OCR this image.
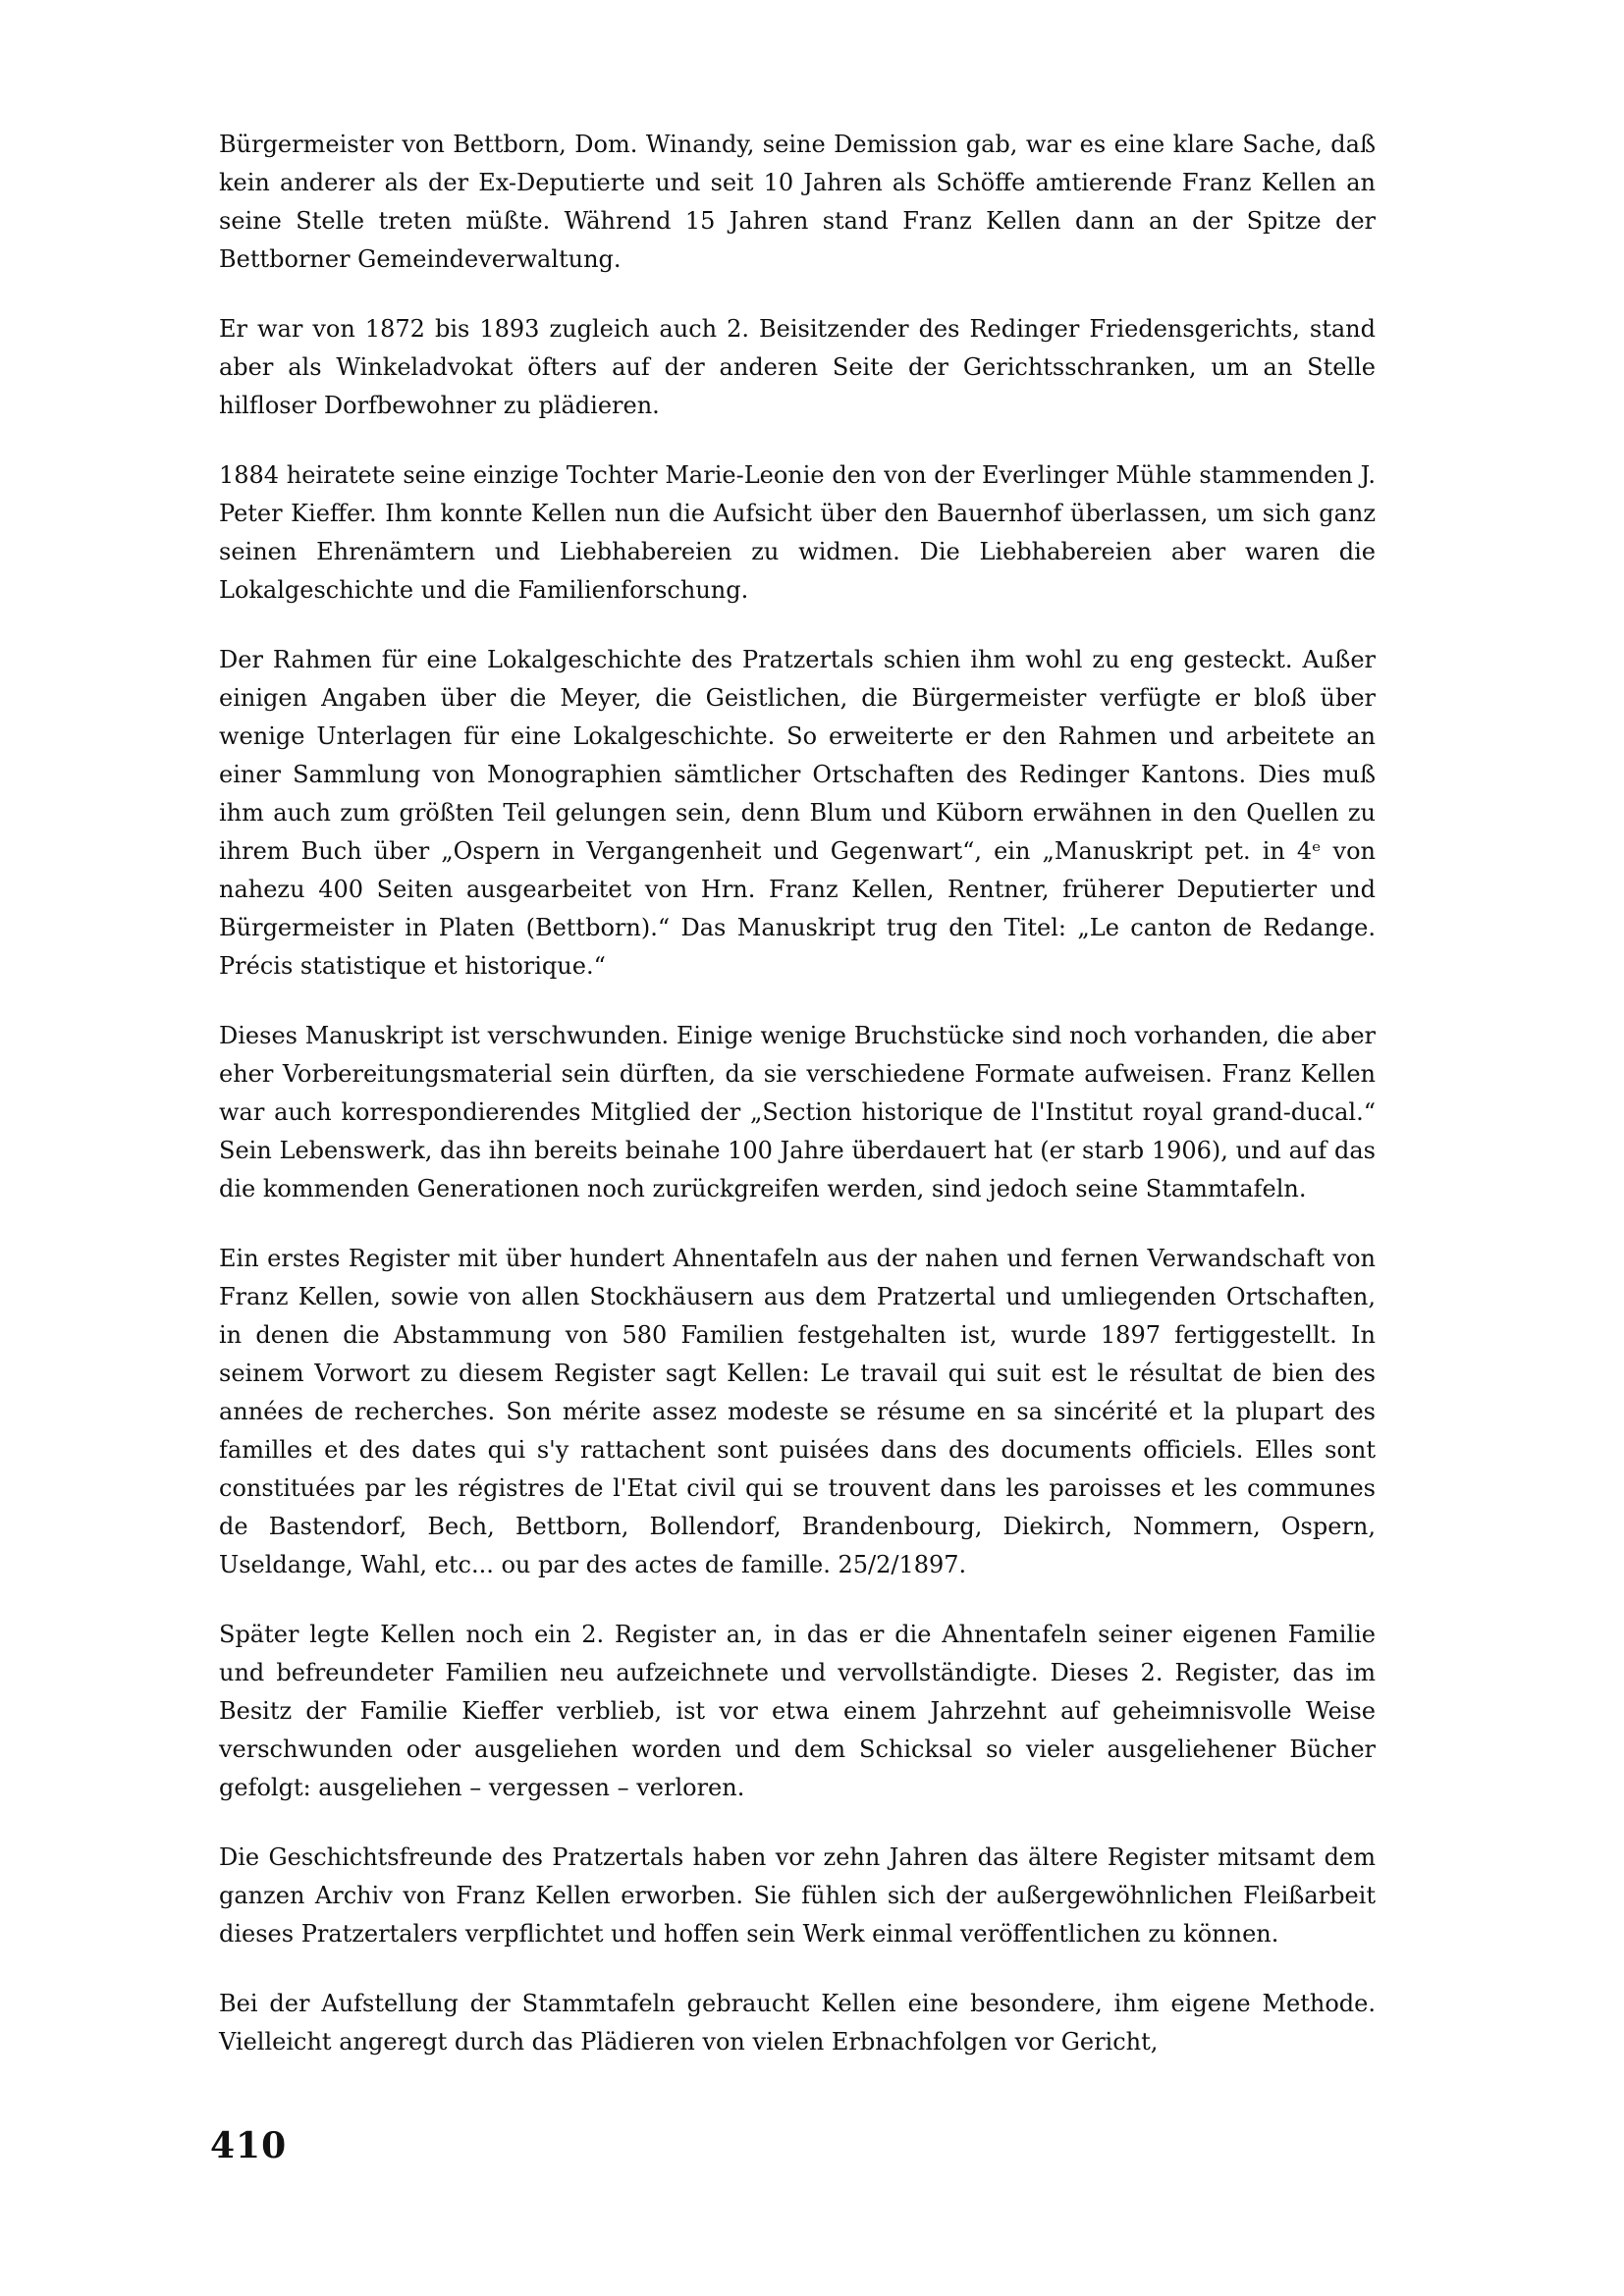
Bürgermeister von Bettborn, Dom. Winandy, seine Demission gab, war es eine klare Sache, daß kein anderer als der Ex-Deputierte und seit 10 Jahren als Schöffe amtierende Franz Kellen an seine Stelle treten müßte. Während 15 Jahren stand Franz Kellen dann an der Spitze der Bettborner Gemeindeverwaltung.

Er war von 1872 bis 1893 zugleich auch 2. Beisitzender des Redinger Friedensgerichts, stand aber als Winkeladvokat öfters auf der anderen Seite der Gerichtsschranken, um an Stelle hilfloser Dorfbewohner zu plädieren.

1884 heiratete seine einzige Tochter Marie-Leonie den von der Everlinger Mühle stammenden J. Peter Kieffer. Ihm konnte Kellen nun die Aufsicht über den Bauernhof überlassen, um sich ganz seinen Ehrenämtern und Liebhabereien zu widmen. Die Liebhabereien aber waren die Lokalgeschichte und die Familienforschung.

Der Rahmen für eine Lokalgeschichte des Pratzertals schien ihm wohl zu eng gesteckt. Außer einigen Angaben über die Meyer, die Geistlichen, die Bürgermeister verfügte er bloß über wenige Unterlagen für eine Lokalgeschichte. So erweiterte er den Rahmen und arbeitete an einer Sammlung von Monographien sämtlicher Ortschaften des Redinger Kantons. Dies muß ihm auch zum größten Teil gelungen sein, denn Blum und Küborn erwähnen in den Quellen zu ihrem Buch über „Ospern in Vergangenheit und Gegenwart“, ein „Manuskript pet. in 4ᵉ von nahezu 400 Seiten ausgearbeitet von Hrn. Franz Kellen, Rentner, früherer Deputierter und Bürgermeister in Platen (Bettborn).“ Das Manuskript trug den Titel: „Le canton de Redange. Précis statistique et historique.“

Dieses Manuskript ist verschwunden. Einige wenige Bruchstücke sind noch vorhanden, die aber eher Vorbereitungsmaterial sein dürften, da sie verschiedene Formate aufweisen. Franz Kellen war auch korrespondierendes Mitglied der „Section historique de l'Institut royal grand-ducal.“ Sein Lebenswerk, das ihn bereits beinahe 100 Jahre überdauert hat (er starb 1906), und auf das die kommenden Generationen noch zurückgreifen werden, sind jedoch seine Stammtafeln.

Ein erstes Register mit über hundert Ahnentafeln aus der nahen und fernen Verwandschaft von Franz Kellen, sowie von allen Stockhäusern aus dem Pratzertal und umliegenden Ortschaften, in denen die Abstammung von 580 Familien festgehalten ist, wurde 1897 fertiggestellt. In seinem Vorwort zu diesem Register sagt Kellen: Le travail qui suit est le résultat de bien des années de recherches. Son mérite assez modeste se résume en sa sincérité et la plupart des familles et des dates qui s'y rattachent sont puisées dans des documents officiels. Elles sont constituées par les régistres de l'Etat civil qui se trouvent dans les paroisses et les communes de Bastendorf, Bech, Bettborn, Bollendorf, Brandenbourg, Diekirch, Nommern, Ospern, Useldange, Wahl, etc... ou par des actes de famille. 25/2/1897.

Später legte Kellen noch ein 2. Register an, in das er die Ahnentafeln seiner eigenen Familie und befreundeter Familien neu aufzeichnete und vervollständigte. Dieses 2. Register, das im Besitz der Familie Kieffer verblieb, ist vor etwa einem Jahrzehnt auf geheimnisvolle Weise verschwunden oder ausgeliehen worden und dem Schicksal so vieler ausgeliehener Bücher gefolgt: ausgeliehen – vergessen – verloren.

Die Geschichtsfreunde des Pratzertals haben vor zehn Jahren das ältere Register mitsamt dem ganzen Archiv von Franz Kellen erworben. Sie fühlen sich der außergewöhnlichen Fleißarbeit dieses Pratzertalers verpflichtet und hoffen sein Werk einmal veröffentlichen zu können.

Bei der Aufstellung der Stammtafeln gebraucht Kellen eine besondere, ihm eigene Methode. Vielleicht angeregt durch das Plädieren von vielen Erbnachfolgen vor Gericht,

410
